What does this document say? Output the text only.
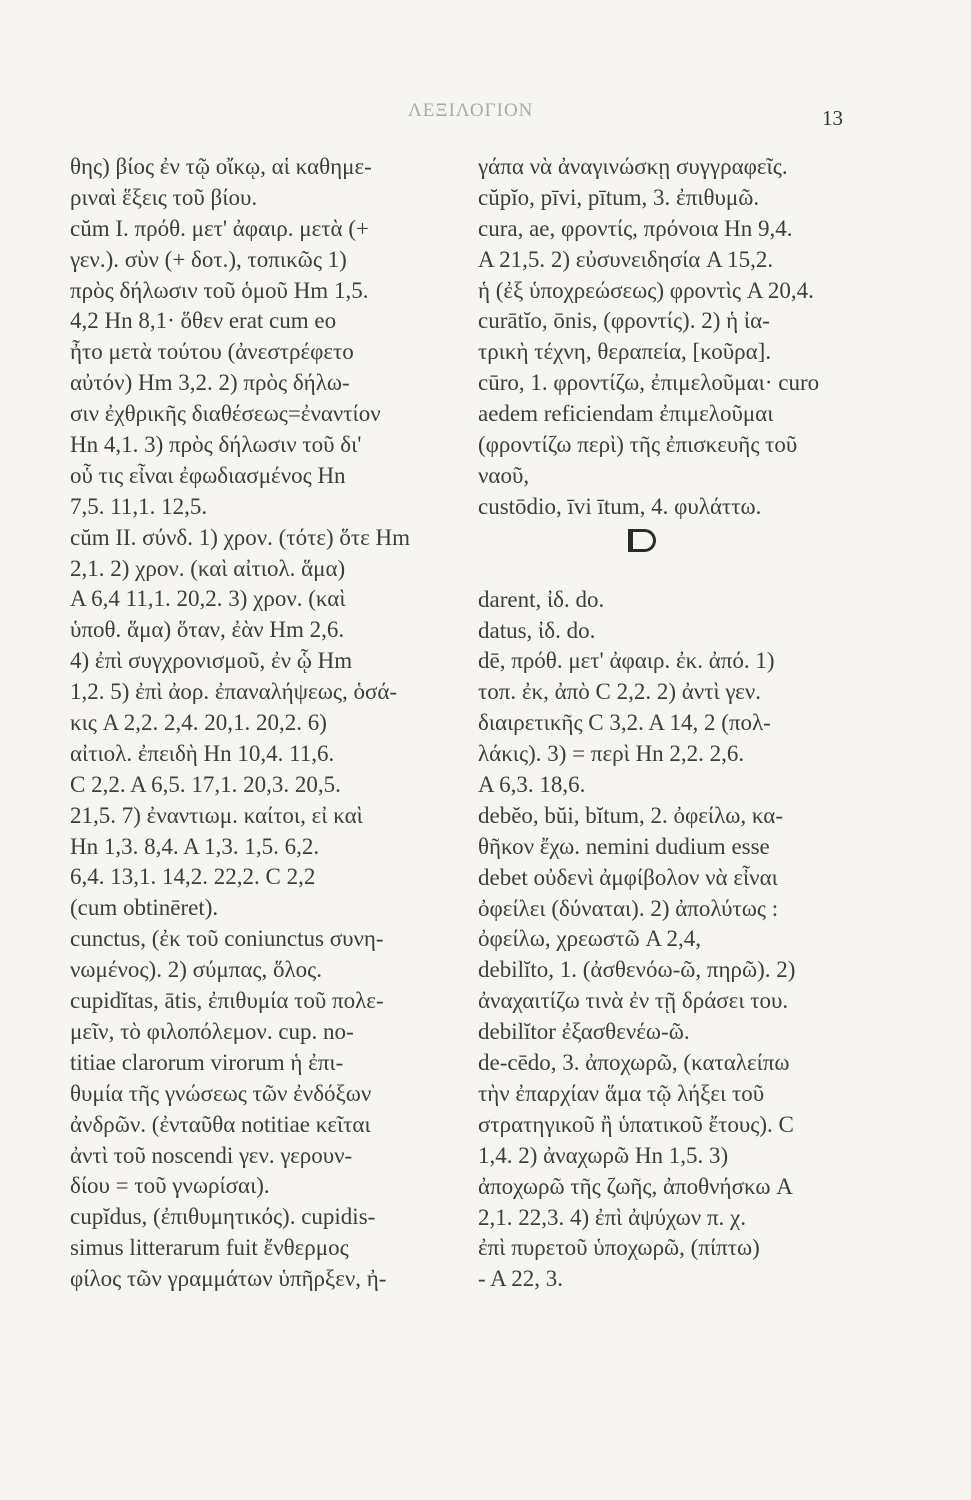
ΛΕΞΙΛΟΓΙΟΝ	13
θης) βίος ἐν τῷ οἴκῳ, αἱ καθημε-
ριναὶ ἕξεις τοῦ βίου.
cŭm I. πρόθ. μετ' ἀφαιρ. μετὰ (+
γεν.). σὺν (+ δοτ.), τοπικῶς 1)
πρὸς δήλωσιν τοῦ ὁμοῦ Hm 1,5.
4,2 Hn 8,1· ὅθεν erat cum eo
ἦτο μετὰ τούτου (ἀνεστρέφετο
αὐτόν) Hm 3,2. 2) πρὸς δήλω-
σιν ἐχθρικῆς διαθέσεως=ἐναντίον
Hn 4,1. 3) πρὸς δήλωσιν τοῦ δι'
οὗ τις εἶναι ἐφωδιασμένος Hn
7,5. 11,1. 12,5.
cŭm II. σύνδ. 1) χρον. (τότε) ὅτε Hm
2,1. 2) χρον. (καὶ αἰτιολ. ἅμα)
A 6,4 11,1. 20,2. 3) χρον. (καὶ
ὑποθ. ἅμα) ὅταν, ἐὰν Hm 2,6.
4) ἐπὶ συγχρονισμοῦ, ἐν ᾧ Hm
1,2. 5) ἐπὶ ἀορ. ἐπαναλήψεως, ὁσά-
κις A 2,2. 2,4. 20,1. 20,2. 6)
αἰτιολ. ἐπειδὴ Hn 10,4. 11,6.
C 2,2. A 6,5. 17,1. 20,3. 20,5.
21,5. 7) ἐναντιωμ. καίτοι, εἰ καὶ
Hn 1,3. 8,4. A 1,3. 1,5. 6,2.
6,4. 13,1. 14,2. 22,2. C 2,2
(cum obtinēret).
cunctus, (ἐκ τοῦ coniunctus συνη-
νωμένος). 2) σύμπας, ὅλος.
cupidĭtas, ātis, ἐπιθυμία τοῦ πολε-
μεῖν, τὸ φιλοπόλεμον. cup. no-
titiae clarorum virorum ἡ ἐπι-
θυμία τῆς γνώσεως τῶν ἐνδόξων
ἀνδρῶν. (ἐνταῦθα notitiae κεῖται
ἀντὶ τοῦ noscendi γεν. γερουν-
δίου = τοῦ γνωρίσαι).
cupĭdus, (ἐπιθυμητικός). cupidis-
simus litterarum fuit ἔνθερμος
φίλος τῶν γραμμάτων ὑπῆρξεν, ἠ-
γάπα νὰ ἀναγινώσκῃ συγγραφεῖς.
cŭpĭo, pīvi, pītum, 3. ἐπιθυμῶ.
cura, ae, φροντίς, πρόνοια Hn 9,4.
A 21,5. 2) εὐσυνειδησία A 15,2.
ἡ (ἐξ ὑποχρεώσεως) φροντὶς A 20,4.
curātĭo, ōnis, (φροντίς). 2) ἡ ἰα-
τρικὴ τέχνη, θεραπεία, [κοῦρα].
cūro, 1. φροντίζω, ἐπιμελοῦμαι· curo
aedem reficiendam ἐπιμελοῦμαι
(φροντίζω περὶ) τῆς ἐπισκευῆς τοῦ
ναοῦ,
custōdio, īvi ītum, 4. φυλάττω.
darent, ἰδ. do.
datus, ἰδ. do.
dē, πρόθ. μετ' ἀφαιρ. ἐκ. ἀπό. 1)
τοπ. ἐκ, ἀπὸ C 2,2. 2) ἀντὶ γεν.
διαιρετικῆς C 3,2. A 14, 2 (πολ-
λάκις). 3) = περὶ Hn 2,2. 2,6.
A 6,3. 18,6.
debĕo, bŭi, bĭtum, 2. ὀφείλω, κα-
θῆκον ἔχω. nemini dudium esse
debet οὐδενὶ ἀμφίβολον νὰ εἶναι
ὀφείλει (δύναται). 2) ἀπολύτως :
ὀφείλω, χρεωστῶ A 2,4,
debilĭto, 1. (ἀσθενόω-ῶ, πηρῶ). 2)
ἀναχαιτίζω τινὰ ἐν τῇ δράσει του.
debilĭtor ἐξασθενέω-ῶ.
de-cēdo, 3. ἀποχωρῶ, (καταλείπω
τὴν ἐπαρχίαν ἅμα τῷ λήξει τοῦ
στρατηγικοῦ ἢ ὑπατικοῦ ἔτους). C
1,4. 2) ἀναχωρῶ Hn 1,5. 3)
ἀποχωρῶ τῆς ζωῆς, ἀποθνήσκω A
2,1. 22,3. 4) ἐπὶ ἀψύχων π. χ.
ἐπὶ πυρετοῦ ὑποχωρῶ, (πίπτω)
- A 22, 3.
